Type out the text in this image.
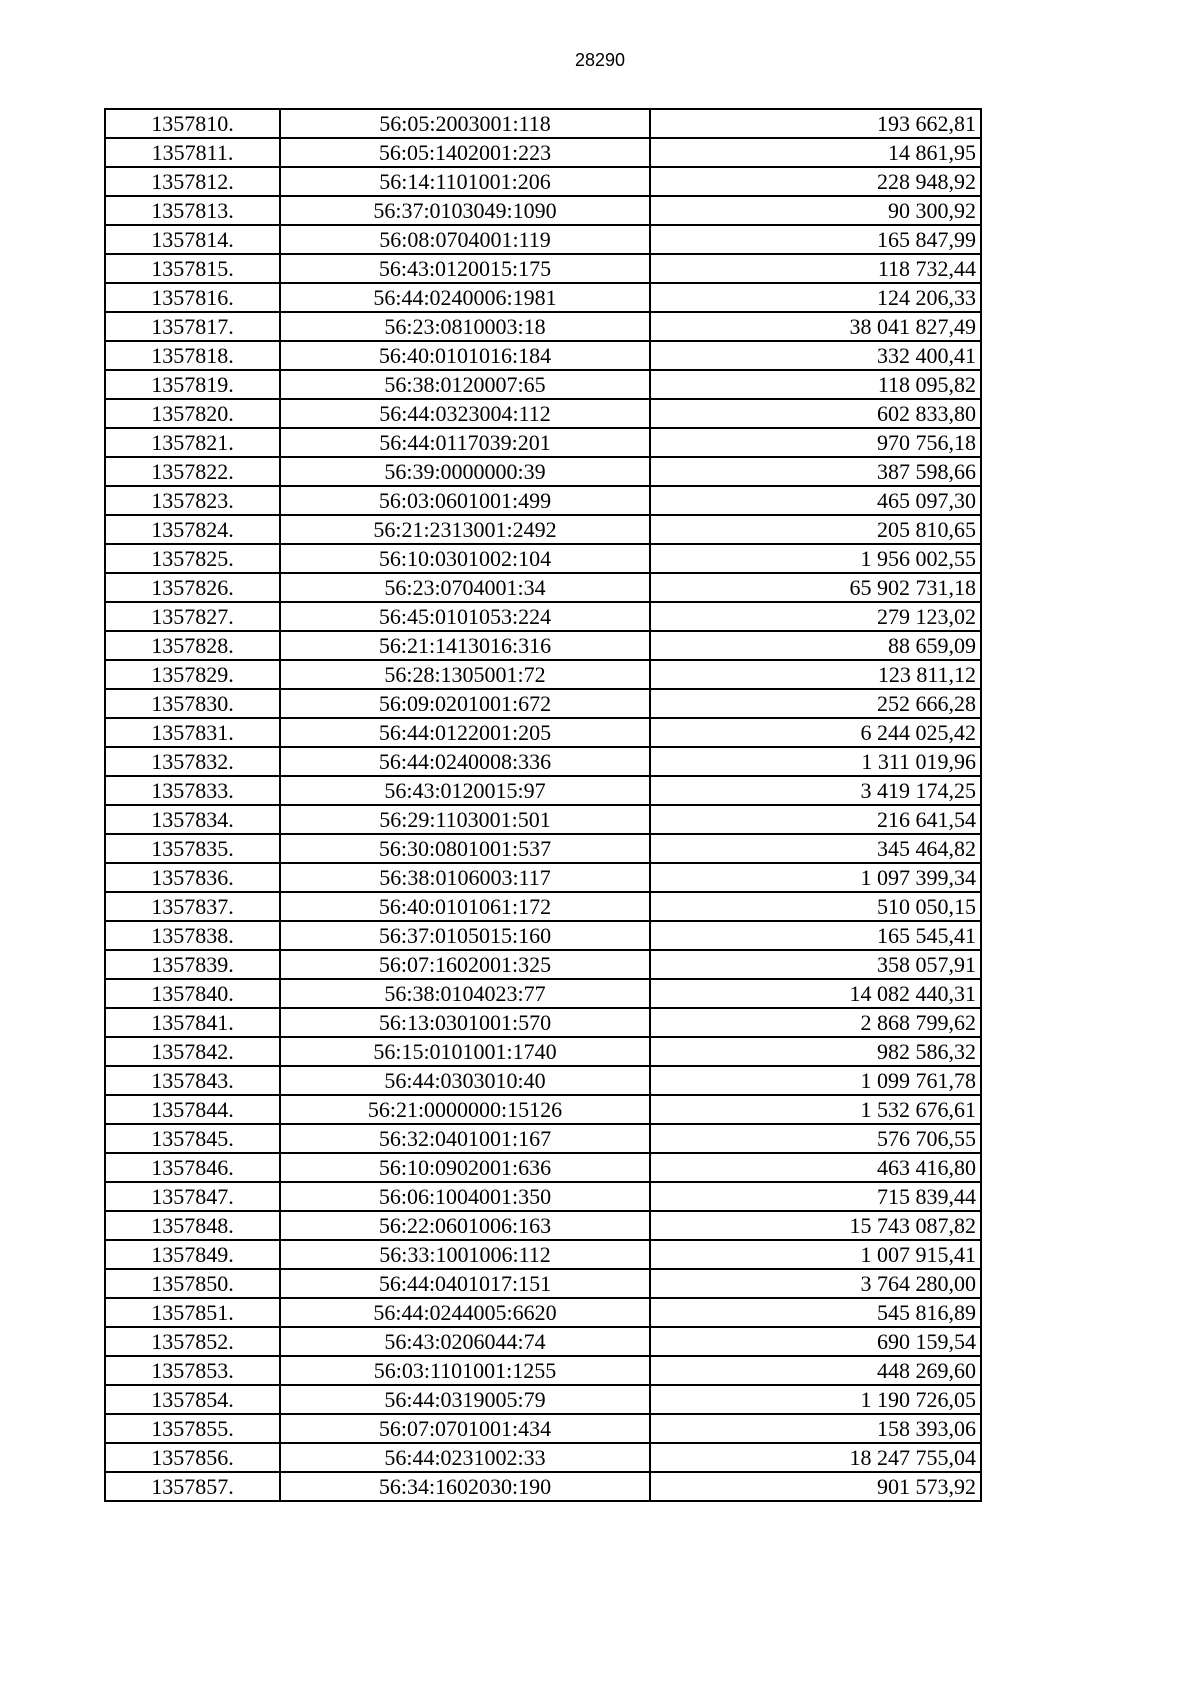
28290
1357810.	56:05:2003001:118	193 662,81
1357811.	56:05:1402001:223	14 861,95
1357812.	56:14:1101001:206	228 948,92
1357813.	56:37:0103049:1090	90 300,92
1357814.	56:08:0704001:119	165 847,99
1357815.	56:43:0120015:175	118 732,44
1357816.	56:44:0240006:1981	124 206,33
1357817.	56:23:0810003:18	38 041 827,49
1357818.	56:40:0101016:184	332 400,41
1357819.	56:38:0120007:65	118 095,82
1357820.	56:44:0323004:112	602 833,80
1357821.	56:44:0117039:201	970 756,18
1357822.	56:39:0000000:39	387 598,66
1357823.	56:03:0601001:499	465 097,30
1357824.	56:21:2313001:2492	205 810,65
1357825.	56:10:0301002:104	1 956 002,55
1357826.	56:23:0704001:34	65 902 731,18
1357827.	56:45:0101053:224	279 123,02
1357828.	56:21:1413016:316	88 659,09
1357829.	56:28:1305001:72	123 811,12
1357830.	56:09:0201001:672	252 666,28
1357831.	56:44:0122001:205	6 244 025,42
1357832.	56:44:0240008:336	1 311 019,96
1357833.	56:43:0120015:97	3 419 174,25
1357834.	56:29:1103001:501	216 641,54
1357835.	56:30:0801001:537	345 464,82
1357836.	56:38:0106003:117	1 097 399,34
1357837.	56:40:0101061:172	510 050,15
1357838.	56:37:0105015:160	165 545,41
1357839.	56:07:1602001:325	358 057,91
1357840.	56:38:0104023:77	14 082 440,31
1357841.	56:13:0301001:570	2 868 799,62
1357842.	56:15:0101001:1740	982 586,32
1357843.	56:44:0303010:40	1 099 761,78
1357844.	56:21:0000000:15126	1 532 676,61
1357845.	56:32:0401001:167	576 706,55
1357846.	56:10:0902001:636	463 416,80
1357847.	56:06:1004001:350	715 839,44
1357848.	56:22:0601006:163	15 743 087,82
1357849.	56:33:1001006:112	1 007 915,41
1357850.	56:44:0401017:151	3 764 280,00
1357851.	56:44:0244005:6620	545 816,89
1357852.	56:43:0206044:74	690 159,54
1357853.	56:03:1101001:1255	448 269,60
1357854.	56:44:0319005:79	1 190 726,05
1357855.	56:07:0701001:434	158 393,06
1357856.	56:44:0231002:33	18 247 755,04
1357857.	56:34:1602030:190	901 573,92
